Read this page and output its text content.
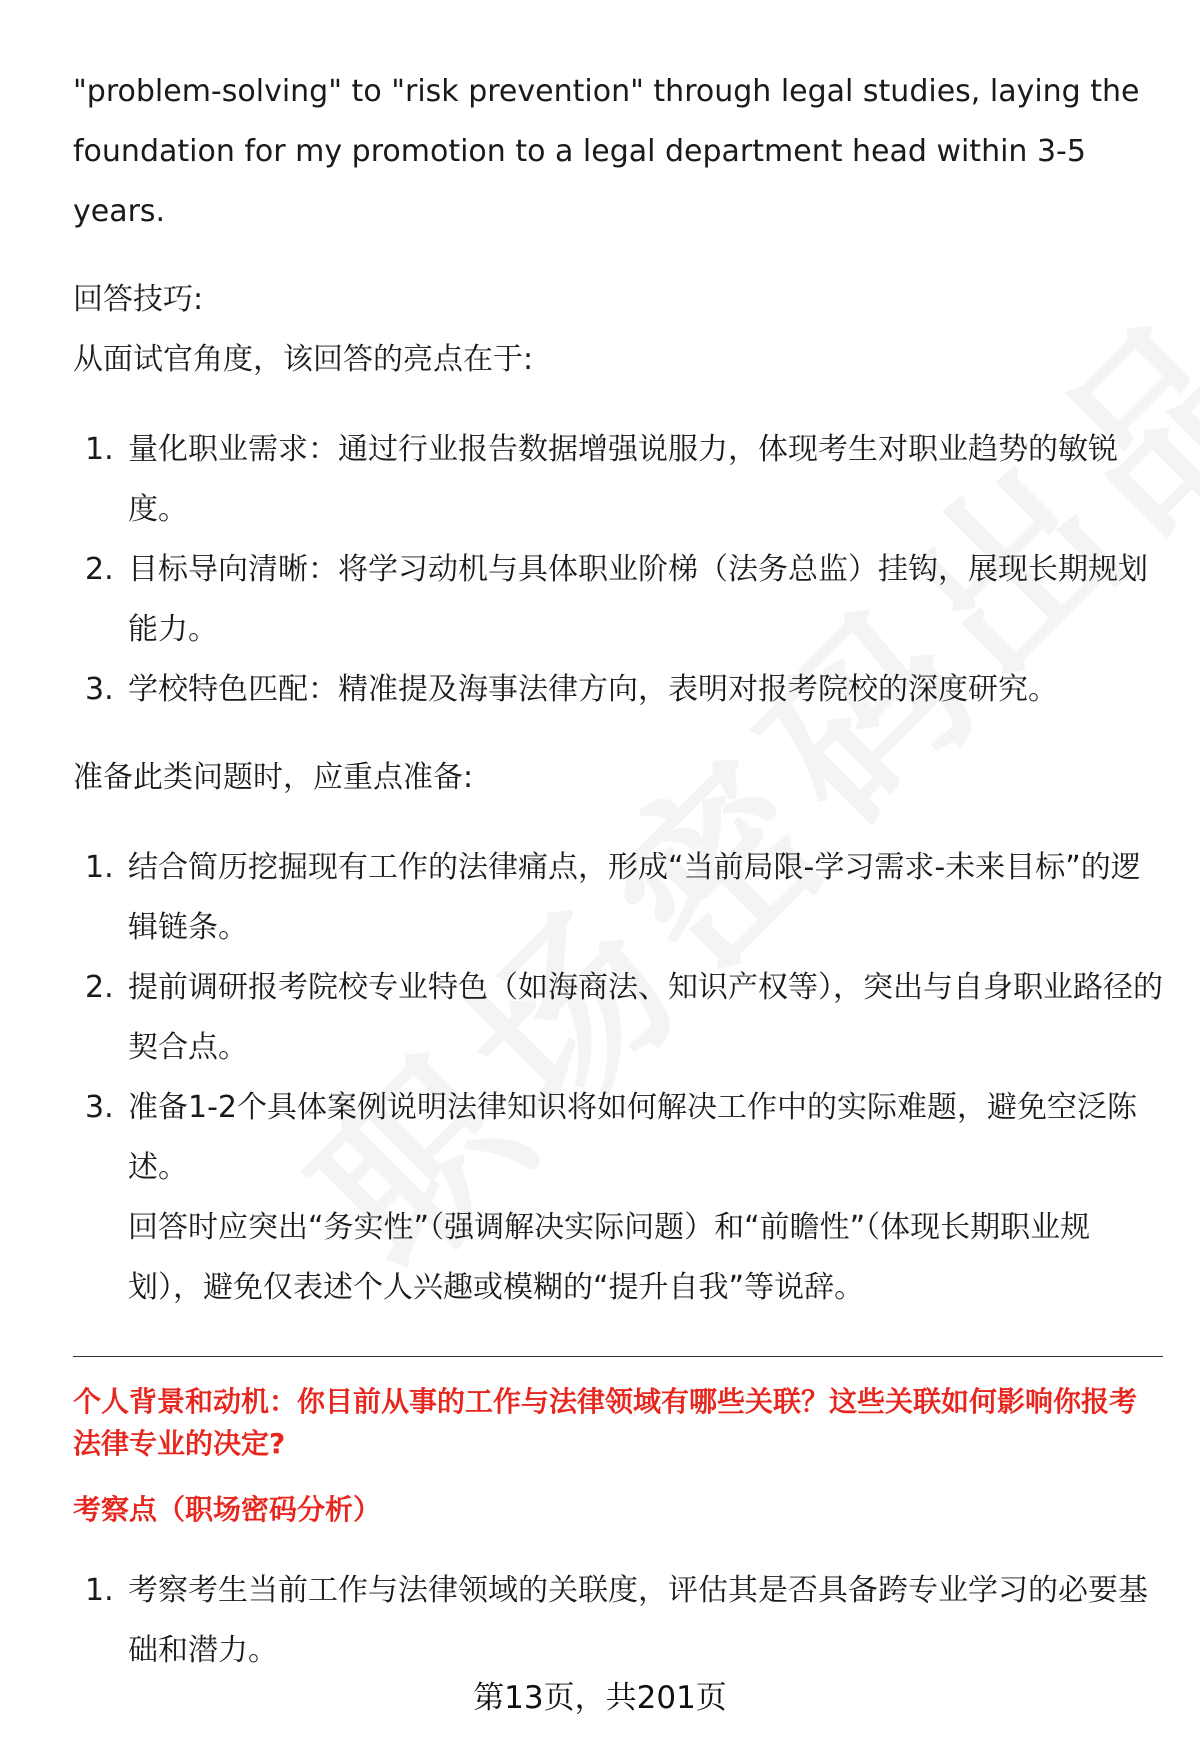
"problem-solving" to "risk prevention" through legal studies, laying the

foundation for my promotion to a legal department head within 3-5 years.

回答技巧:

从面试官角度，该回答的亮点在于:

1. 量化职业需求：通过行业报告数据增强说服力，体现考生对职业趋势的敏锐度。
2. 目标导向清晰：将学习动机与具体职业阶梯（法务总监）挂钩，展现长期规划能力。
3. 学校特色匹配：精准提及海事法律方向，表明对报考院校的深度研究。

准备此类问题时，应重点准备:

1. 结合简历挖掘现有工作的法律痛点，形成“当前局限-学习需求-未来目标”的逻辑链条。
2. 提前调研报考院校专业特色（如海商法、知识产权等），突出与自身职业路径的契合点。
3. 准备1-2个具体案例说明法律知识将如何解决工作中的实际难题，避免空泛陈述。
回答时应突出“务实性”（强调解决实际问题）和“前瞻性”（体现长期职业规划），避免仅表述个人兴趣或模糊的“提升自我”等说辞。

个人背景和动机：你目前从事的工作与法律领域有哪些关联？这些关联如何影响你报考法律专业的决定?

考察点（职场密码分析）

1. 考察考生当前工作与法律领域的关联度，评估其是否具备跨专业学习的必要基础和潜力。
第13页，共201页
